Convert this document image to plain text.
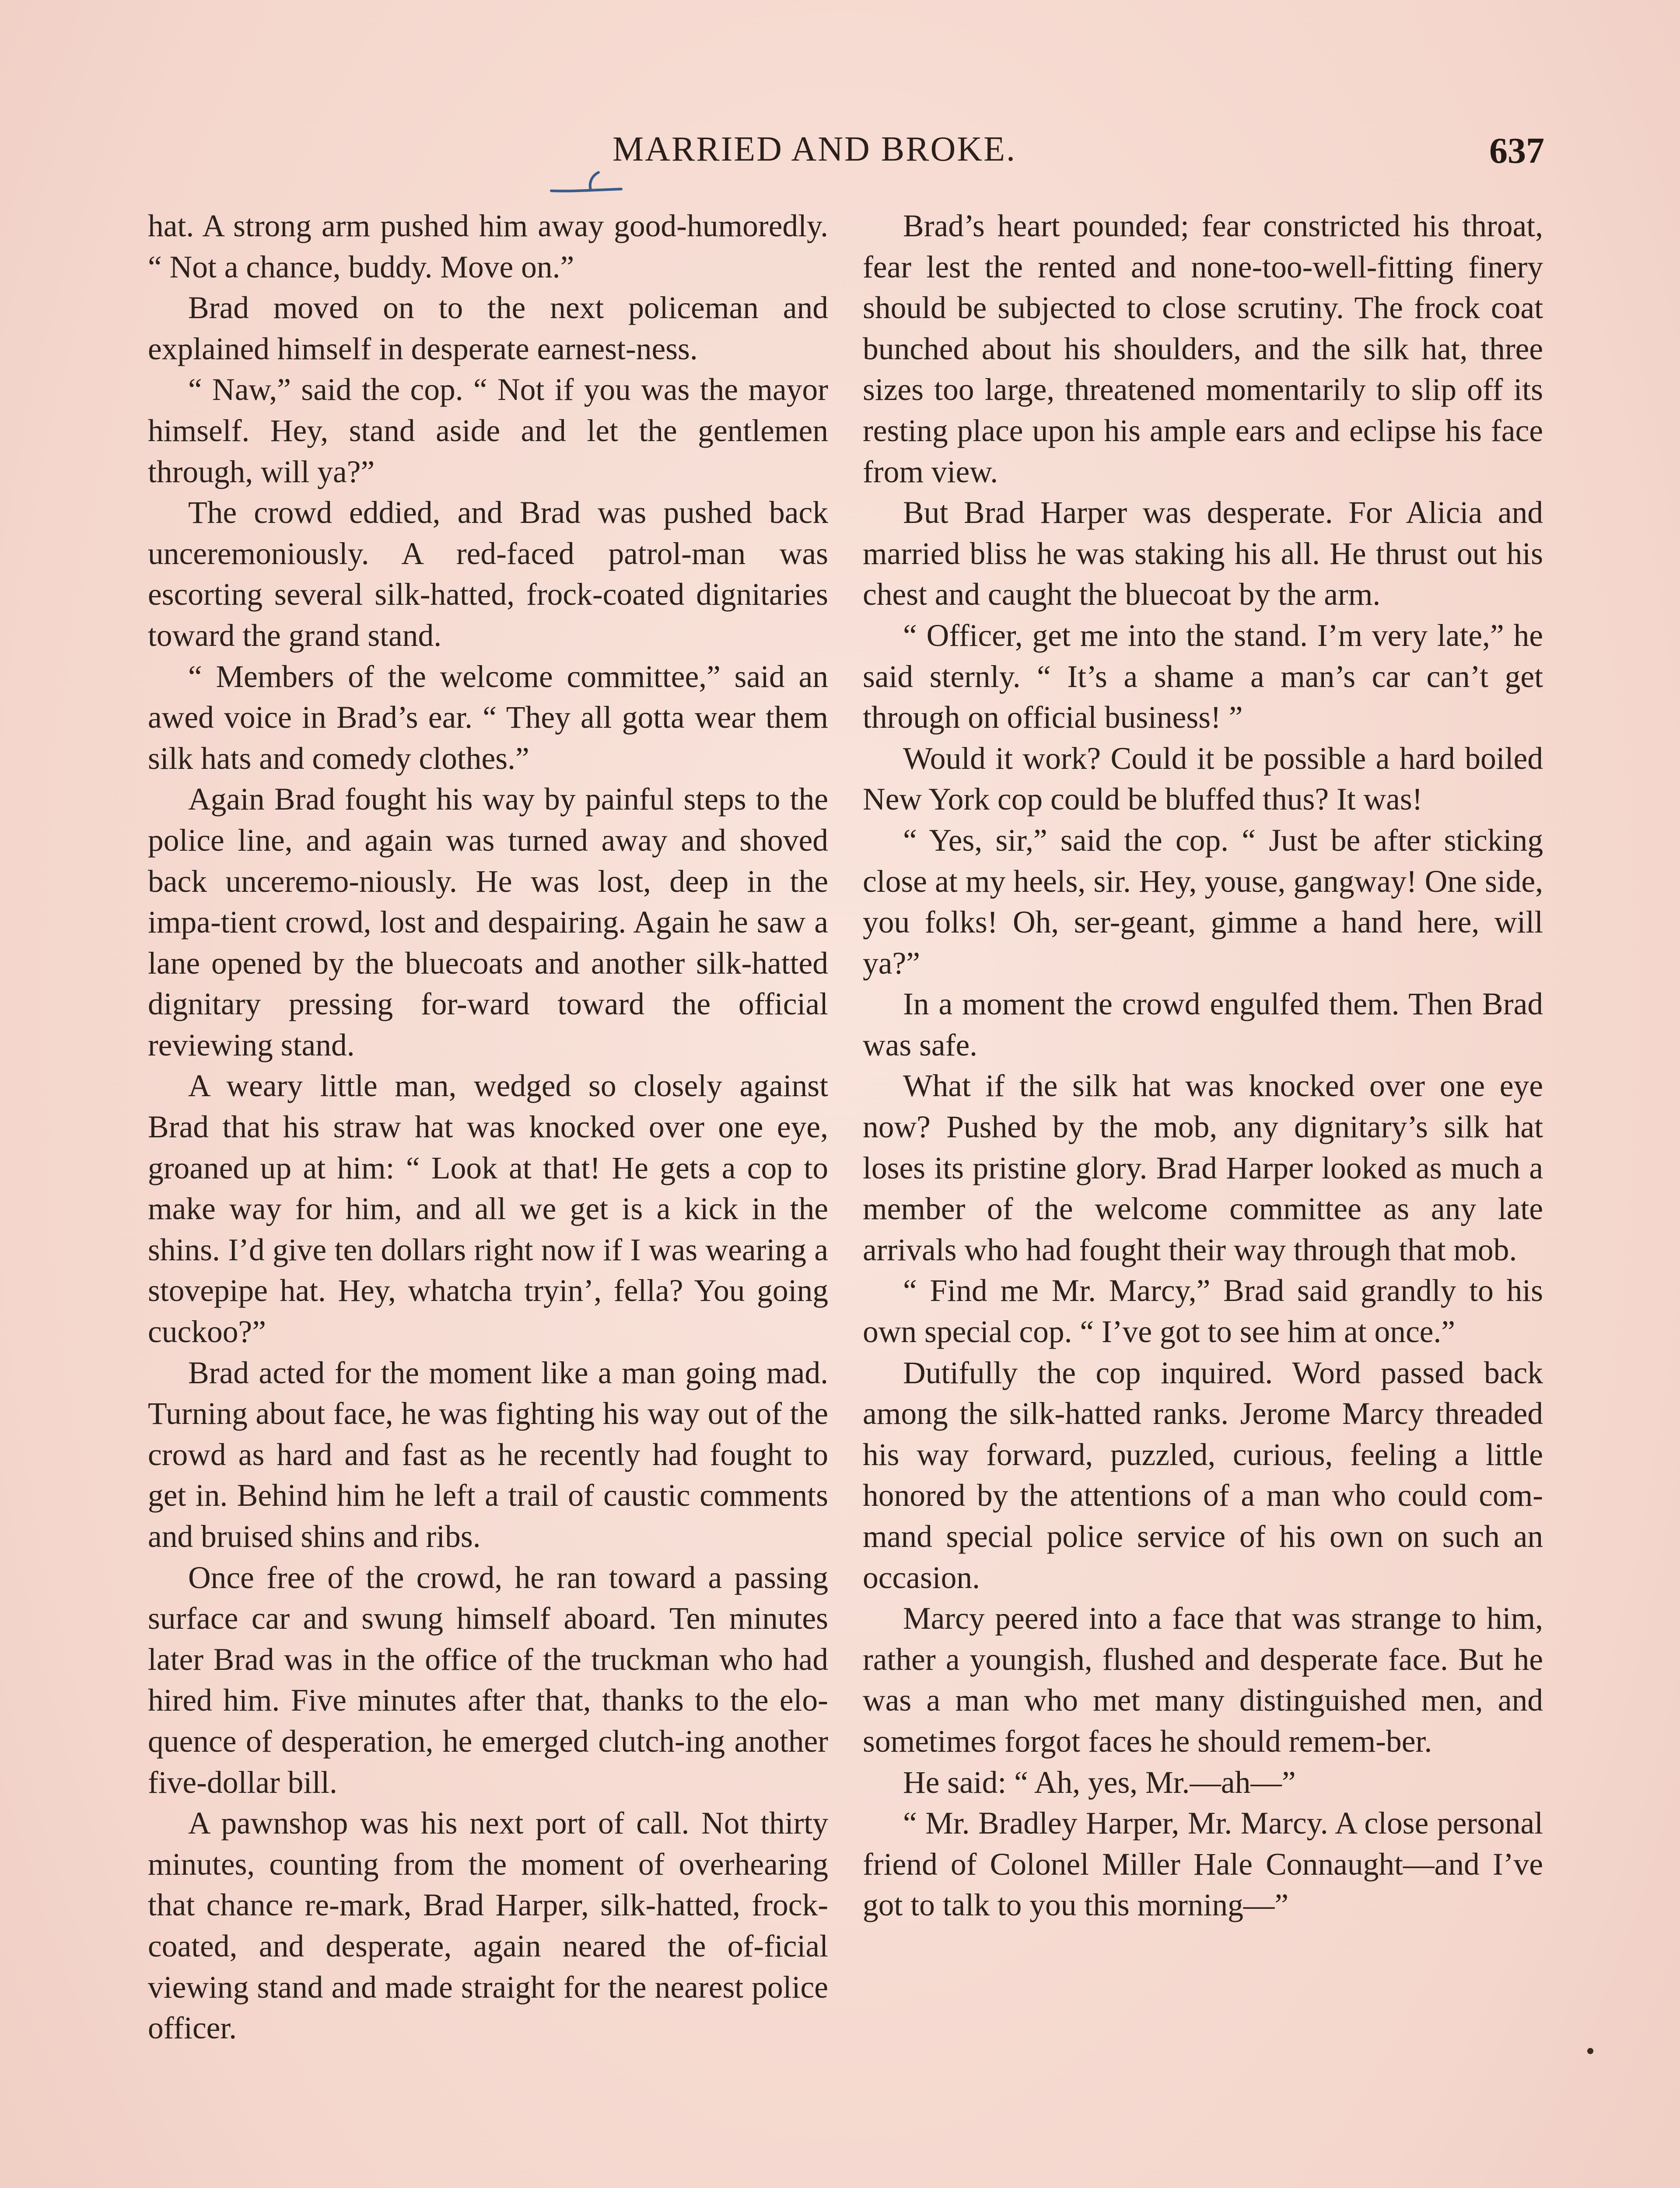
MARRIED AND BROKE.	637

hat. A strong arm pushed him away good-humoredly. “ Not a chance, buddy. Move on.”

Brad moved on to the next policeman and explained himself in desperate earnest-ness.

“ Naw,” said the cop. “ Not if you was the mayor himself. Hey, stand aside and let the gentlemen through, will ya?”

The crowd eddied, and Brad was pushed back unceremoniously. A red-faced patrol-man was escorting several silk-hatted, frock-coated dignitaries toward the grand stand.

“ Members of the welcome committee,” said an awed voice in Brad’s ear. “ They all gotta wear them silk hats and comedy clothes.”

Again Brad fought his way by painful steps to the police line, and again was turned away and shoved back unceremo-niously. He was lost, deep in the impa-tient crowd, lost and despairing. Again he saw a lane opened by the bluecoats and another silk-hatted dignitary pressing for-ward toward the official reviewing stand.

A weary little man, wedged so closely against Brad that his straw hat was knocked over one eye, groaned up at him: “ Look at that! He gets a cop to make way for him, and all we get is a kick in the shins. I’d give ten dollars right now if I was wearing a stovepipe hat. Hey, whatcha tryin’, fella? You going cuckoo?”

Brad acted for the moment like a man going mad. Turning about face, he was fighting his way out of the crowd as hard and fast as he recently had fought to get in. Behind him he left a trail of caustic comments and bruised shins and ribs.

Once free of the crowd, he ran toward a passing surface car and swung himself aboard. Ten minutes later Brad was in the office of the truckman who had hired him. Five minutes after that, thanks to the elo-quence of desperation, he emerged clutch-ing another five-dollar bill.

A pawnshop was his next port of call. Not thirty minutes, counting from the moment of overhearing that chance re-mark, Brad Harper, silk-hatted, frock-coated, and desperate, again neared the of-ficial viewing stand and made straight for the nearest police officer.

Brad’s heart pounded; fear constricted his throat, fear lest the rented and none-too-well-fitting finery should be subjected to close scrutiny. The frock coat bunched about his shoulders, and the silk hat, three sizes too large, threatened momentarily to slip off its resting place upon his ample ears and eclipse his face from view.

But Brad Harper was desperate. For Alicia and married bliss he was staking his all. He thrust out his chest and caught the bluecoat by the arm.

“ Officer, get me into the stand. I’m very late,” he said sternly. “ It’s a shame a man’s car can’t get through on official business! ”

Would it work? Could it be possible a hard boiled New York cop could be bluffed thus? It was!

“ Yes, sir,” said the cop. “ Just be after sticking close at my heels, sir. Hey, youse, gangway! One side, you folks! Oh, ser-geant, gimme a hand here, will ya?”

In a moment the crowd engulfed them. Then Brad was safe.

What if the silk hat was knocked over one eye now? Pushed by the mob, any dignitary’s silk hat loses its pristine glory. Brad Harper looked as much a member of the welcome committee as any late arrivals who had fought their way through that mob.

“ Find me Mr. Marcy,” Brad said grandly to his own special cop. “ I’ve got to see him at once.”

Dutifully the cop inquired. Word passed back among the silk-hatted ranks. Jerome Marcy threaded his way forward, puzzled, curious, feeling a little honored by the attentions of a man who could com-mand special police service of his own on such an occasion.

Marcy peered into a face that was strange to him, rather a youngish, flushed and desperate face. But he was a man who met many distinguished men, and sometimes forgot faces he should remem-ber.

He said: “ Ah, yes, Mr.—ah—”

“ Mr. Bradley Harper, Mr. Marcy. A close personal friend of Colonel Miller Hale Connaught—and I’ve got to talk to you this morning—”
